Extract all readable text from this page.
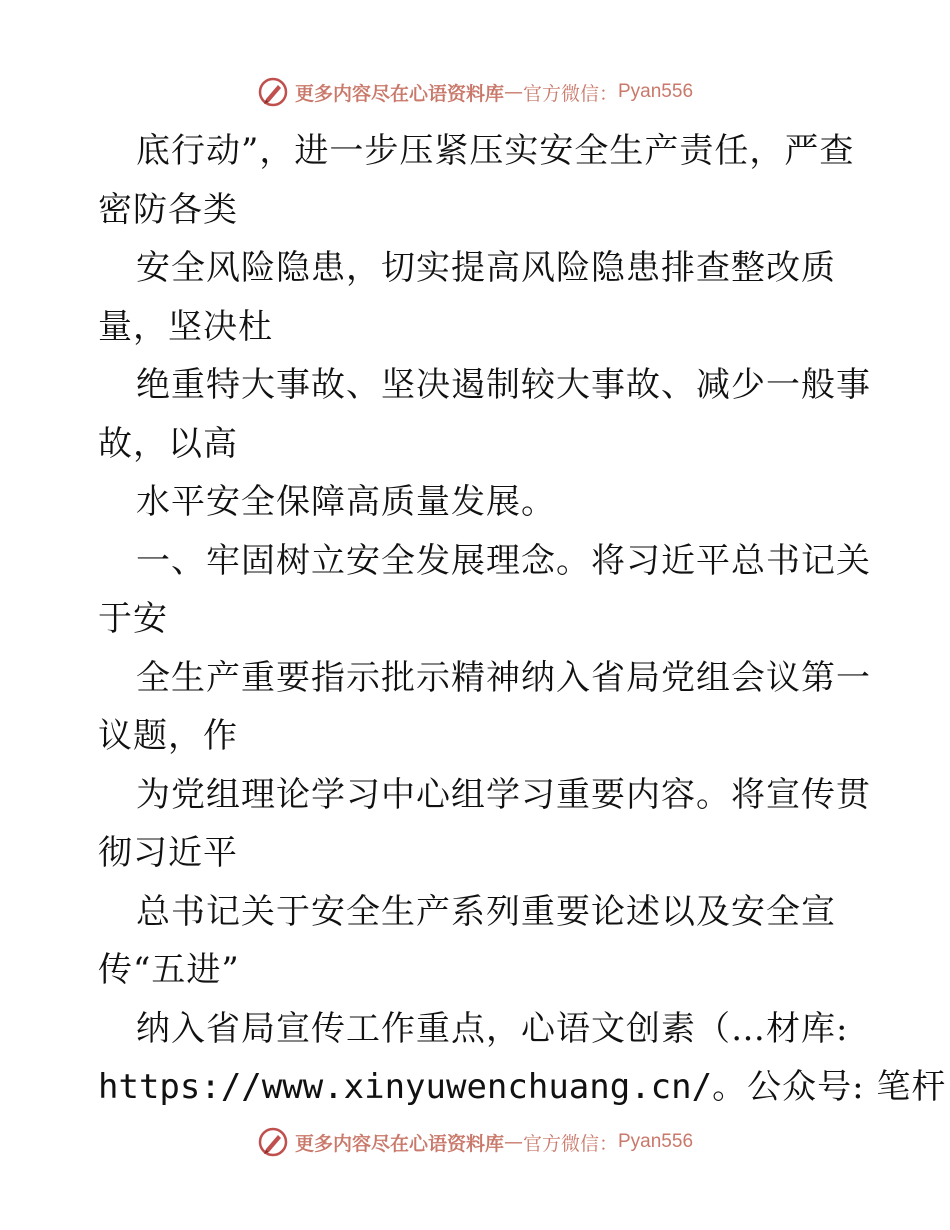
更多内容尽在心语资料库 — 官方微信： Pyan556
底行动”，进一步压紧压实安全生产责任，严查
密防各类
安全风险隐患，切实提高风险隐患排查整改质
量，坚决杜
绝重特大事故、坚决遏制较大事故、减少一般事
故，以高
水平安全保障高质量发展。
一、牢固树立安全发展理念。将习近平总书记关
于安
全生产重要指示批示精神纳入省局党组会议第一
议题，作
为党组理论学习中心组学习重要内容。将宣传贯
彻习近平
总书记关于安全生产系列重要论述以及安全宣
传“五进”
纳入省局宣传工作重点，心语文创素（…材库:
https://www.xinyuwenchuang.cn/。公众号: 笔杆
更多内容尽在心语资料库 — 官方微信： Pyan556
